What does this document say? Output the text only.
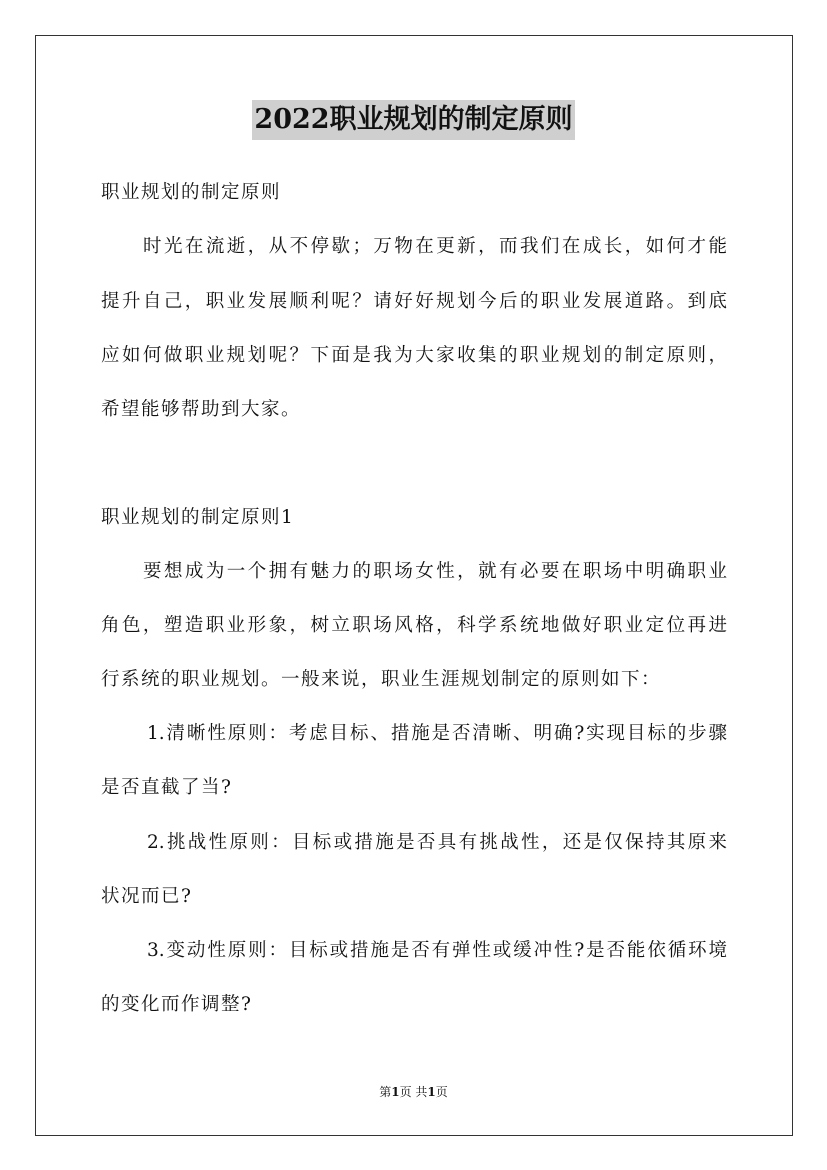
2022职业规划的制定原则
职业规划的制定原则
时光在流逝，从不停歇；万物在更新，而我们在成长，如何才能
提升自己，职业发展顺利呢？请好好规划今后的职业发展道路。到底
应如何做职业规划呢？下面是我为大家收集的职业规划的制定原则，
希望能够帮助到大家。
职业规划的制定原则1
要想成为一个拥有魅力的职场女性，就有必要在职场中明确职业
角色，塑造职业形象，树立职场风格，科学系统地做好职业定位再进
行系统的职业规划。一般来说，职业生涯规划制定的原则如下：
1.清晰性原则：考虑目标、措施是否清晰、明确?实现目标的步骤
是否直截了当?
2.挑战性原则：目标或措施是否具有挑战性，还是仅保持其原来
状况而已?
3.变动性原则：目标或措施是否有弹性或缓冲性?是否能依循环境
的变化而作调整?
第1页 共1页
